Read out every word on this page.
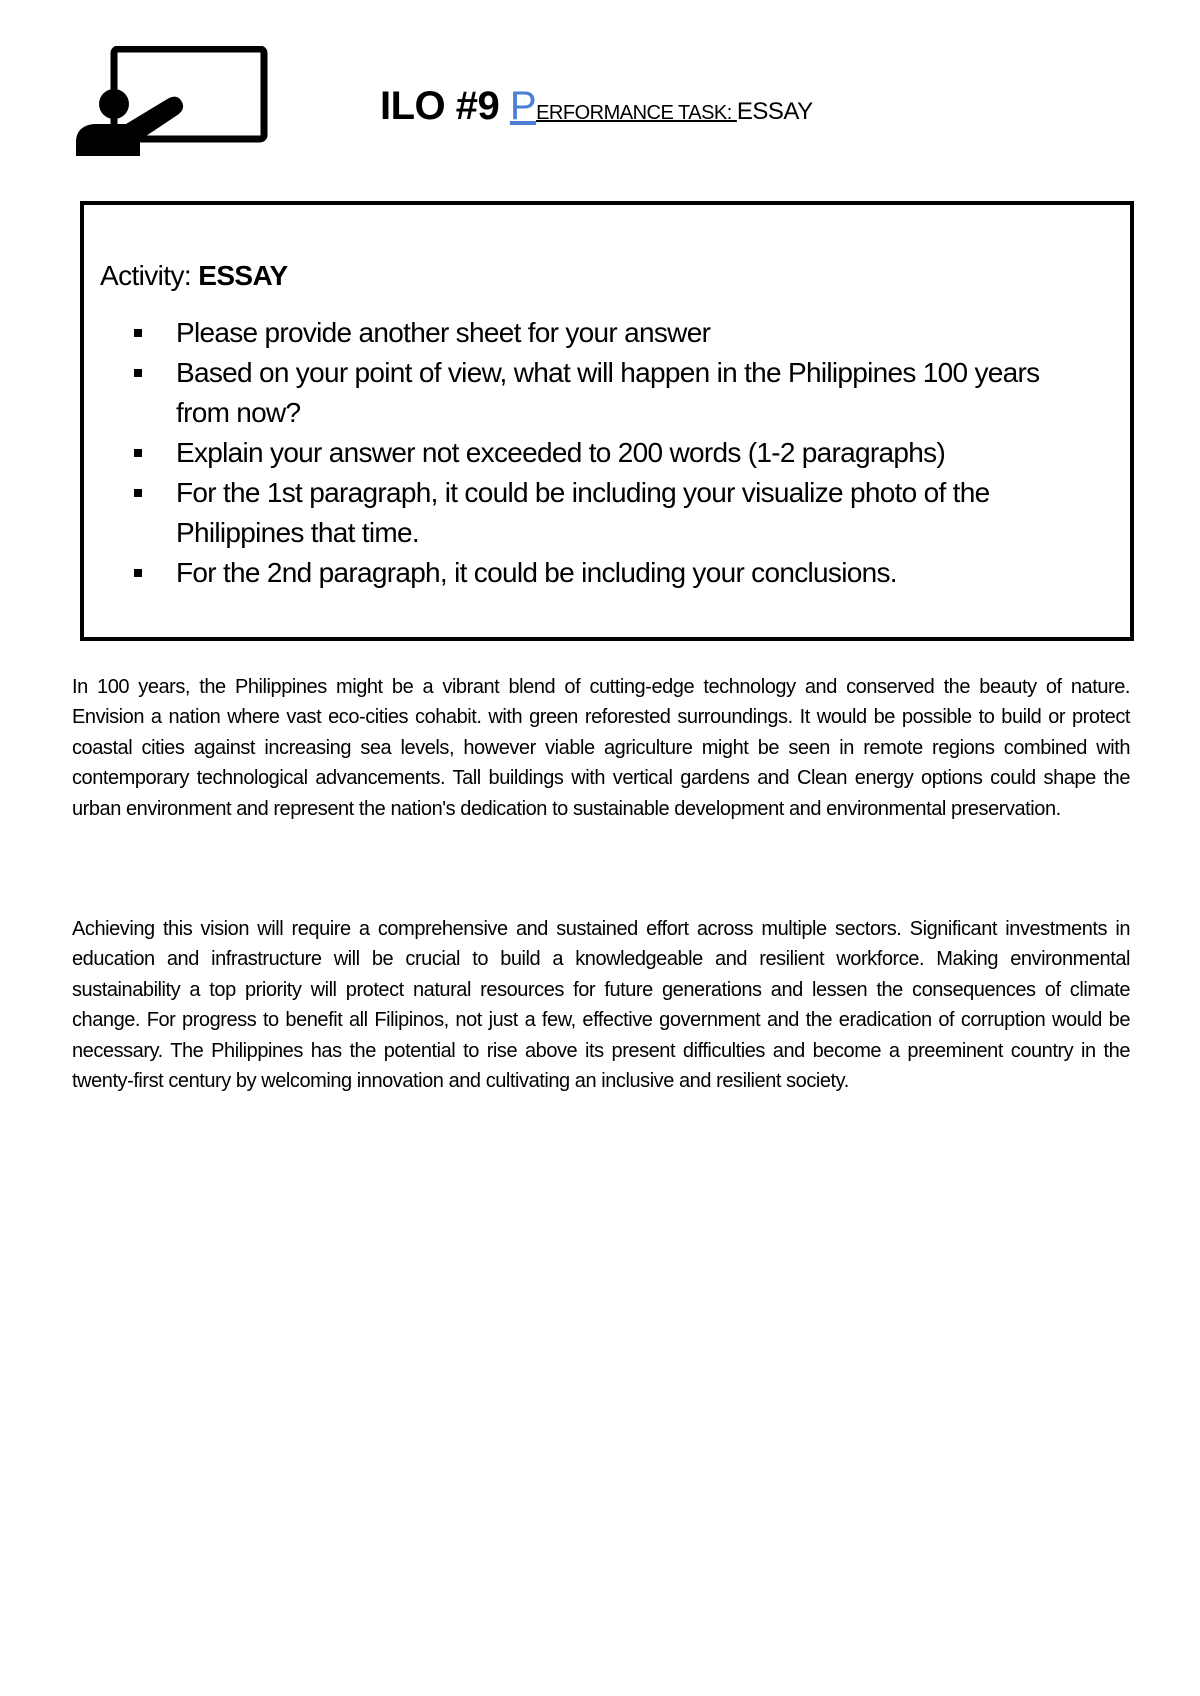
ILO #9 PERFORMANCE TASK: ESSAY
Activity: ESSAY
Please provide another sheet for your answer
Based on your point of view, what will happen in the Philippines 100 years from now?
Explain your answer not exceeded to 200 words (1-2 paragraphs)
For the 1st paragraph, it could be including your visualize photo of the Philippines that time.
For the 2nd paragraph, it could be including your conclusions.

In 100 years, the Philippines might be a vibrant blend of cutting-edge technology and conserved the beauty of nature. Envision a nation where vast eco-cities cohabit. with green reforested surroundings. It would be possible to build or protect coastal cities against increasing sea levels, however viable agriculture might be seen in remote regions combined with contemporary technological advancements. Tall buildings with vertical gardens and Clean energy options could shape the urban environment and represent the nation's dedication to sustainable development and environmental preservation.

Achieving this vision will require a comprehensive and sustained effort across multiple sectors. Significant investments in education and infrastructure will be crucial to build a knowledgeable and resilient workforce. Making environmental sustainability a top priority will protect natural resources for future generations and lessen the consequences of climate change. For progress to benefit all Filipinos, not just a few, effective government and the eradication of corruption would be necessary. The Philippines has the potential to rise above its present difficulties and become a preeminent country in the twenty-first century by welcoming innovation and cultivating an inclusive and resilient society.
